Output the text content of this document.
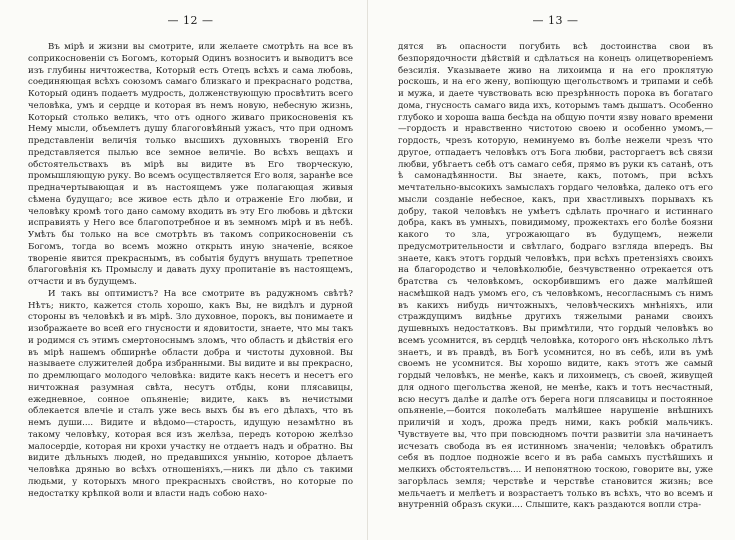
— 12 —

Въ мірѣ и жизни вы смотрите, или желаете смотрѣть на все въ соприкосновеніи съ Богомъ, который Одинъ возноситъ и выводитъ все изъ глубины ничтожества, Который есть Отецъ всѣхъ и сама любовь, соединяющая всѣхъ союзомъ самаго близкаго и прекраснаго родства, Который одинъ подаетъ мудрость, долженствующую просвѣтить всего человѣка, умъ и сердце и которая въ немъ новую, небесную жизнь, Который столько великъ, что отъ одного живаго прикосновенія къ Нему мысли, объемлетъ душу благоговѣйный ужасъ, что при одномъ представленіи величія только высшихъ духовныхъ твореній Его представляется пылью все земное величіе. Во всѣхъ вещахъ и обстоятельствахъ въ мірѣ вы видите въ Его творческую, промышляющую руку. Во всемъ осуществляется Его воля, заранѣе все предначертывающая и въ настоящемъ уже полагающая живыя сѣмена будущаго; все живое есть дѣло и отраженіе Его любви, и человѣку кромѣ того дано самому входить въ эту Его любовь и дѣтски исправиять у Него все благопотребное и въ земномъ мірѣ и въ небѣ. Умѣть бы только на все смотрѣть въ такомъ соприкосновеніи съ Богомъ, тогда во всемъ можно открыть иную значеніе, всякое твореніе явится прекраснымъ, въ событія будутъ внушать трепетное благоговѣнія къ Промыслу и давать духу пропитаніе въ настоящемъ, отчасти и въ будущемъ.

И такъ вы оптимистъ? На все смотрите въ радужномъ свѣтѣ? Нѣтъ; никто, кажется столь хорошо, какъ Вы, не видѣлъ и дурной стороны въ человѣкѣ и въ мірѣ. Зло духовное, порокъ, вы понимаете и изображаете во всей его гнусности и ядовитости, знаете, что мы такъ и родимся съ этимъ смертоноснымъ зломъ, что область и дѣйствія его въ мірѣ нашемъ обширнѣе области добра и чистоты духовной. Вы называете служителей добра избранными. Вы видите и вы прекрасно, по дремлющаго молодого человѣка: видите какъ несетъ и несетъ его ничтожная разумная свѣта, несутъ отбды, кони плясавицы, ежедневное, сонное опьяненіе; видите, какъ въ нечистыми облекается влечіе и сталъ уже весь выхъ бы въ его дѣлахъ, что въ немъ души.... Видите и вѣдомо—старость, идущую незамѣтно въ такому человѣку, которая вся изъ желѣза, передъ которою желѣзо малосердіе, которая ни крохи участку не отдаетъ надъ и обратно. Вы видите дѣльныхъ людей, но предавшихся унынію, которое дѣлаетъ человѣка дрянью во всѣхъ отношеніяхъ,—никъ ли дѣло съ такими людьми, у которыхъ много прекрасныхъ свойствъ, но которые по недостатку крѣпкой воли и власти надъ собою нахо-

— 13 —

дятся въ опасности погубить всѣ достоинства свои въ безпорядочности дѣйствій и сдѣлаться на конецъ олицетвореніемъ безсилія. Указываете живо на лихоимца и на его проклятую роскошь, и на его жену, вопіющую щегольствомъ и трипами и себѣ и мужа, и даете чувствовать всю презрѣнность порока въ богатаго дома, гнусность самаго вида ихъ, которымъ тамъ дышатъ. Особенно глубоко и хороша ваша бесѣда на общую почти язву новаго времени—гордость и нравственно чистотою своею и особенно умомъ,—гордость, чрезъ которую, неминуемо въ болѣе нежели чрезъ что другое, отпадаетъ человѣкъ отъ Бога любви, расторгаетъ всѣ связи любви, убѣгаетъ себѣ отъ самаго себя, прямо въ руки къ сатанѣ, отъ ѣ самонадѣянности. Вы знаете, какъ, потомъ, при всѣхъ мечтательно-высокихъ замыслахъ гордаго человѣка, далеко отъ его мысли созданіе небесное, какъ, при хвастливыхъ порывахъ къ добру, такой человѣкъ не умѣетъ сдѣлать прочнаго и истиннаго добра, какъ въ умныхъ, повидимому, прожектахъ его болѣе боязни какого то зла, угрожающаго въ будущемъ, нежели предусмотрительности и свѣтлаго, бодраго взгляда впередъ. Вы знаете, какъ этотъ гордый человѣкъ, при всѣхъ претензіяхъ своихъ на благородство и человѣколюбіе, безчувственно отрекается отъ братства съ человѣкомъ, оскорбившимъ его даже малѣйшей насмѣшкой надъ умомъ его, съ человѣкомъ, несогласнымъ съ нимъ въ какихъ нибудь ничтожныхъ, человѣческихъ мнѣніяхъ, или страждущимъ видѣнье другихъ тяжелыми ранами своихъ душевныхъ недостатковъ. Вы примѣтили, что гордый человѣкъ во всемъ усомнится, въ сердцѣ человѣка, которого онъ нѣсколько лѣтъ знаетъ, и въ правдѣ, въ Богѣ усомнится, но въ себѣ, или въ умѣ своемъ не усомнится. Вы хорошо видите, какъ этотъ же самый гордый человѣкъ, не менѣе, какъ и лихоимецъ, съ своей, живущей для одного щегольства женой, не менѣе, какъ и тотъ несчастный, всю несутъ далѣе и далѣе отъ берега ноги плясавицы и постоянное опьяненіе,—боится поколебать малѣйшее нарушеніе внѣшнихъ приличій и ходъ, дрожа предъ ними, какъ робкій мальчикъ. Чувствуете вы, что при повсюдномъ почти развитіи зла начинаетъ исчезать свобода въ ея истинномъ значеніи; человѣкъ обратилъ себя въ подлое подножіе всего и въ раба самыхъ пустѣйшихъ и мелкихъ обстоятельствъ.... И непонятною тоскою, говорите вы, уже загорѣлась земля; черствѣе и черствѣе становится жизнь; все мельчаетъ и мелѣетъ и возрастаетъ только въ всѣхъ, что во всемъ и внутренній образъ скуки.... Слышите, какъ раздаются вопли стра-
